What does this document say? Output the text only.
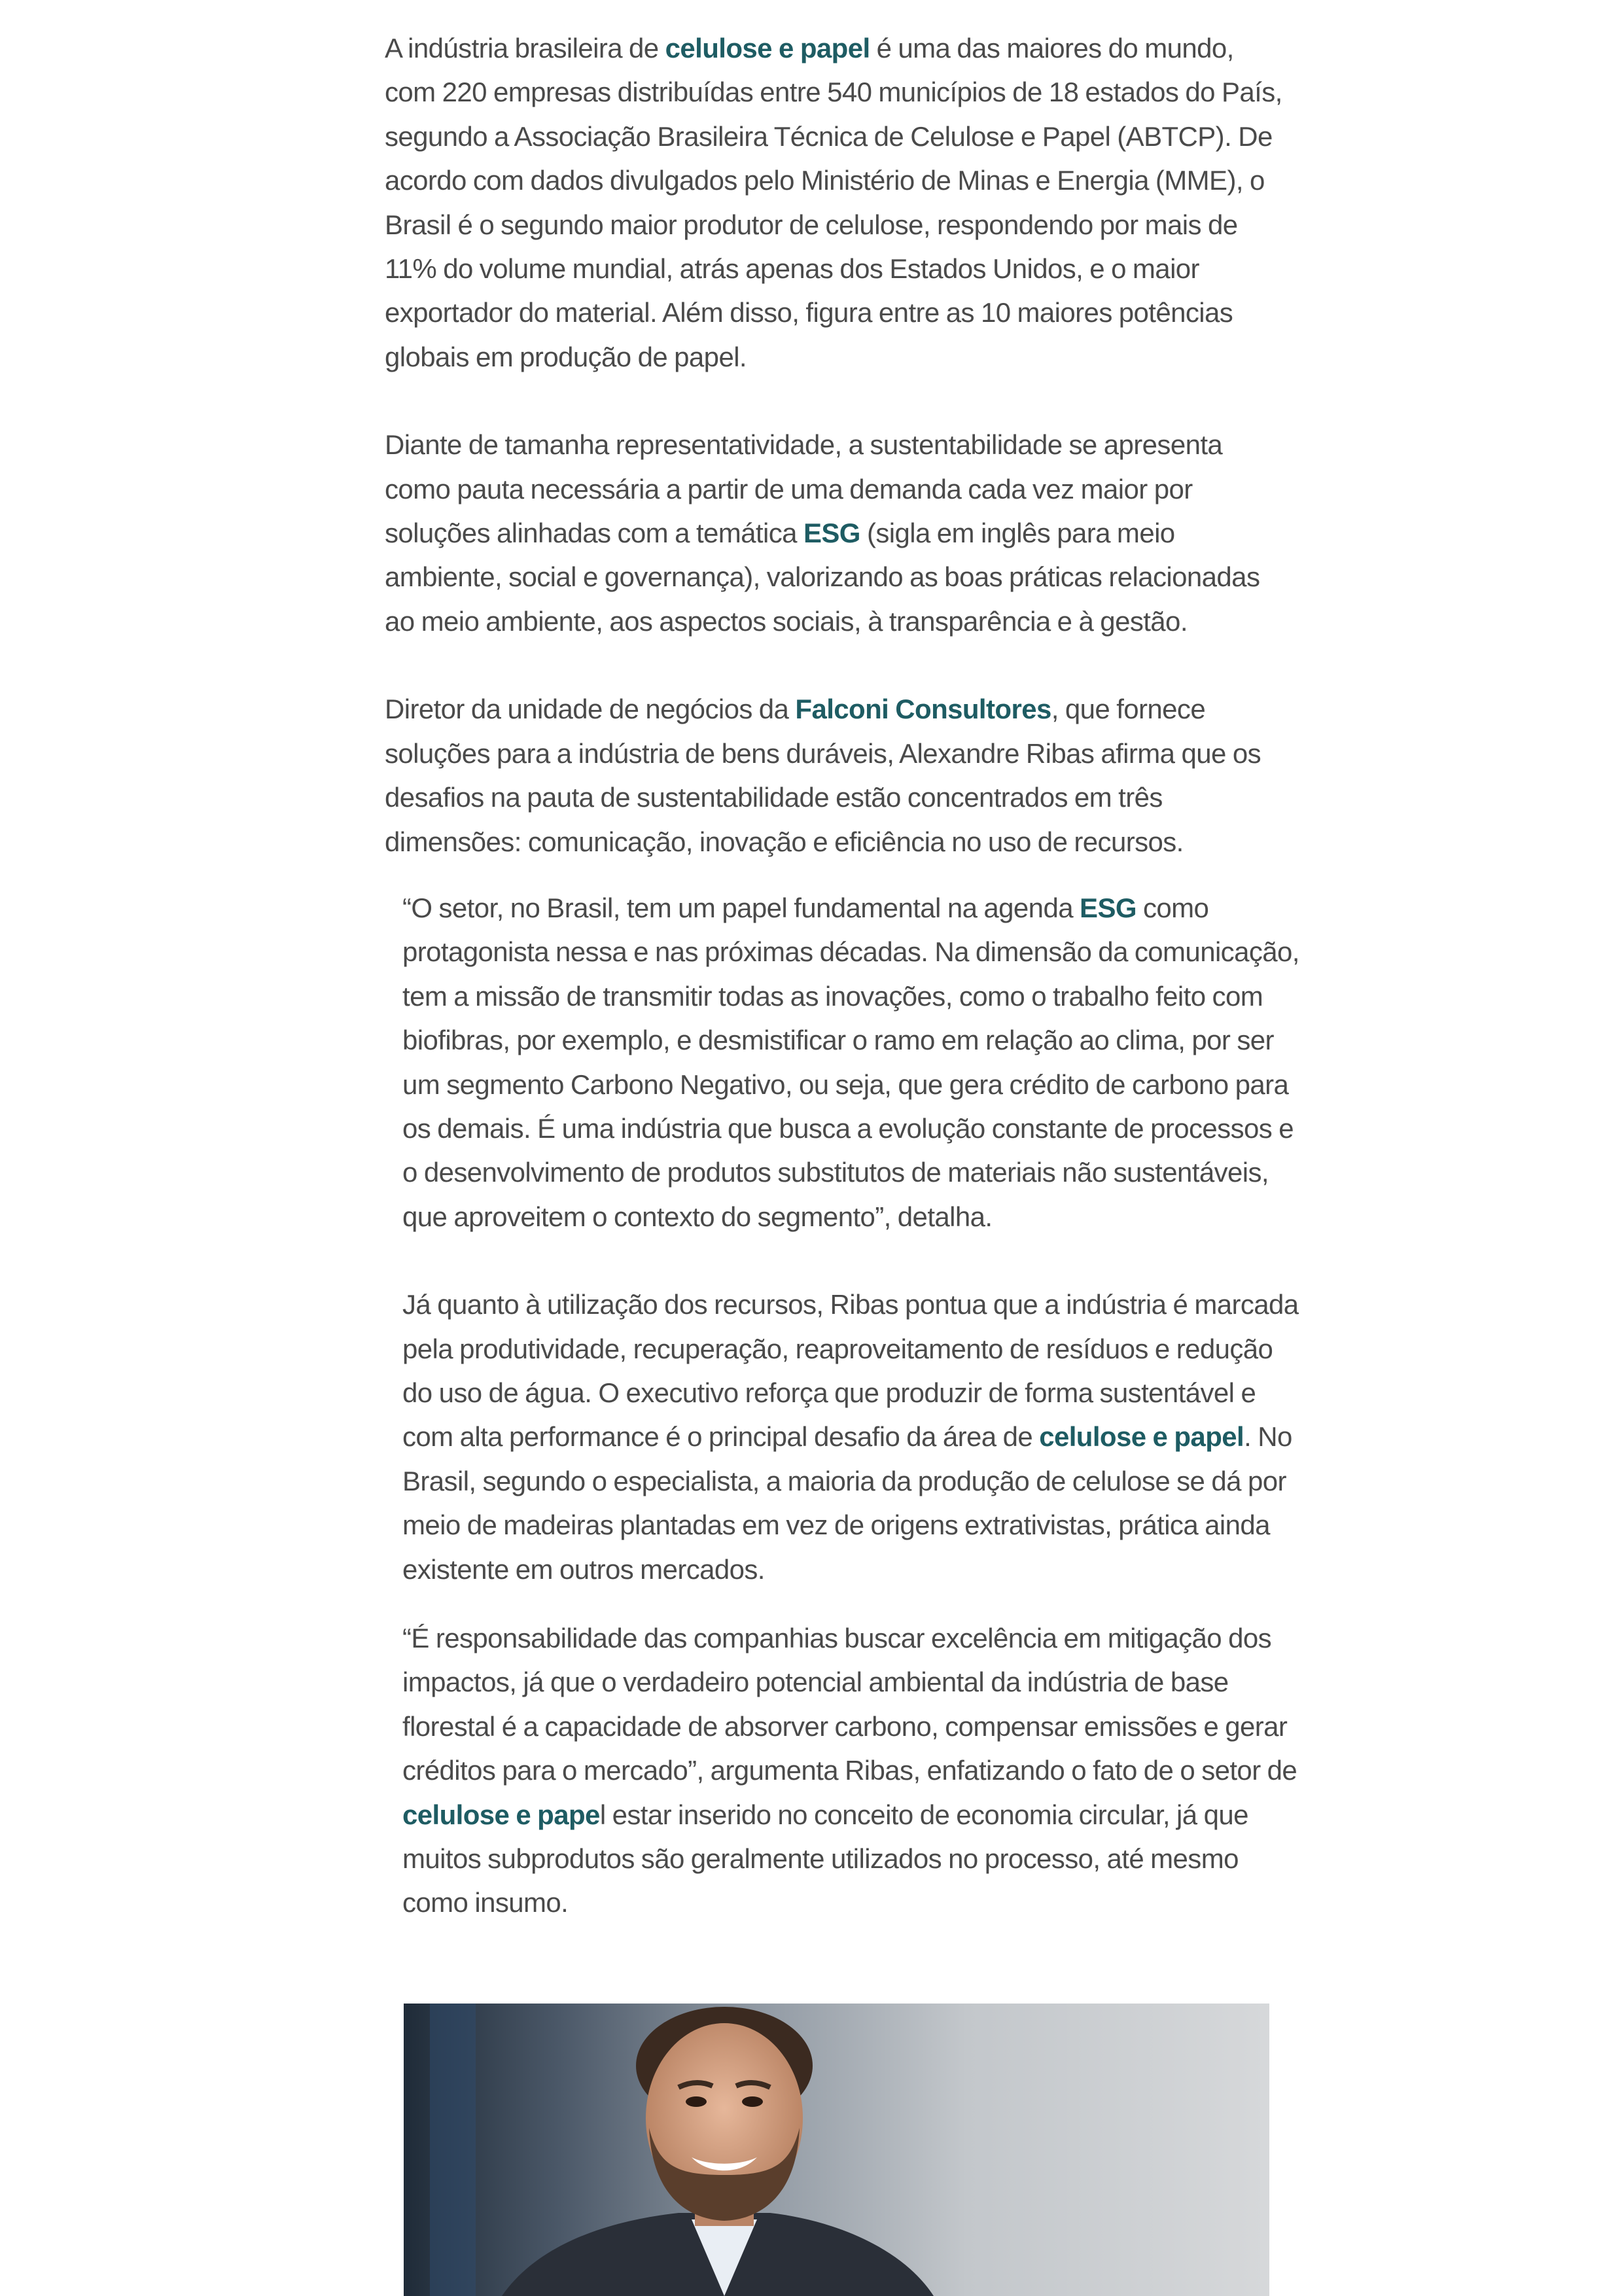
A indústria brasileira de celulose e papel é uma das maiores do mundo, com 220 empresas distribuídas entre 540 municípios de 18 estados do País, segundo a Associação Brasileira Técnica de Celulose e Papel (ABTCP). De acordo com dados divulgados pelo Ministério de Minas e Energia (MME), o Brasil é o segundo maior produtor de celulose, respondendo por mais de 11% do volume mundial, atrás apenas dos Estados Unidos, e o maior exportador do material. Além disso, figura entre as 10 maiores potências globais em produção de papel.

Diante de tamanha representatividade, a sustentabilidade se apresenta como pauta necessária a partir de uma demanda cada vez maior por soluções alinhadas com a temática ESG (sigla em inglês para meio ambiente, social e governança), valorizando as boas práticas relacionadas ao meio ambiente, aos aspectos sociais, à transparência e à gestão.

Diretor da unidade de negócios da Falconi Consultores, que fornece soluções para a indústria de bens duráveis, Alexandre Ribas afirma que os desafios na pauta de sustentabilidade estão concentrados em três dimensões: comunicação, inovação e eficiência no uso de recursos.

“O setor, no Brasil, tem um papel fundamental na agenda ESG como protagonista nessa e nas próximas décadas. Na dimensão da comunicação, tem a missão de transmitir todas as inovações, como o trabalho feito com biofibras, por exemplo, e desmistificar o ramo em relação ao clima, por ser um segmento Carbono Negativo, ou seja, que gera crédito de carbono para os demais. É uma indústria que busca a evolução constante de processos e o desenvolvimento de produtos substitutos de materiais não sustentáveis, que aproveitem o contexto do segmento”, detalha.

Já quanto à utilização dos recursos, Ribas pontua que a indústria é marcada pela produtividade, recuperação, reaproveitamento de resíduos e redução do uso de água. O executivo reforça que produzir de forma sustentável e com alta performance é o principal desafio da área de celulose e papel. No Brasil, segundo o especialista, a maioria da produção de celulose se dá por meio de madeiras plantadas em vez de origens extrativistas, prática ainda existente em outros mercados.

“É responsabilidade das companhias buscar excelência em mitigação dos impactos, já que o verdadeiro potencial ambiental da indústria de base florestal é a capacidade de absorver carbono, compensar emissões e gerar créditos para o mercado”, argumenta Ribas, enfatizando o fato de o setor de celulose e papel estar inserido no conceito de economia circular, já que muitos subprodutos são geralmente utilizados no processo, até mesmo como insumo.
